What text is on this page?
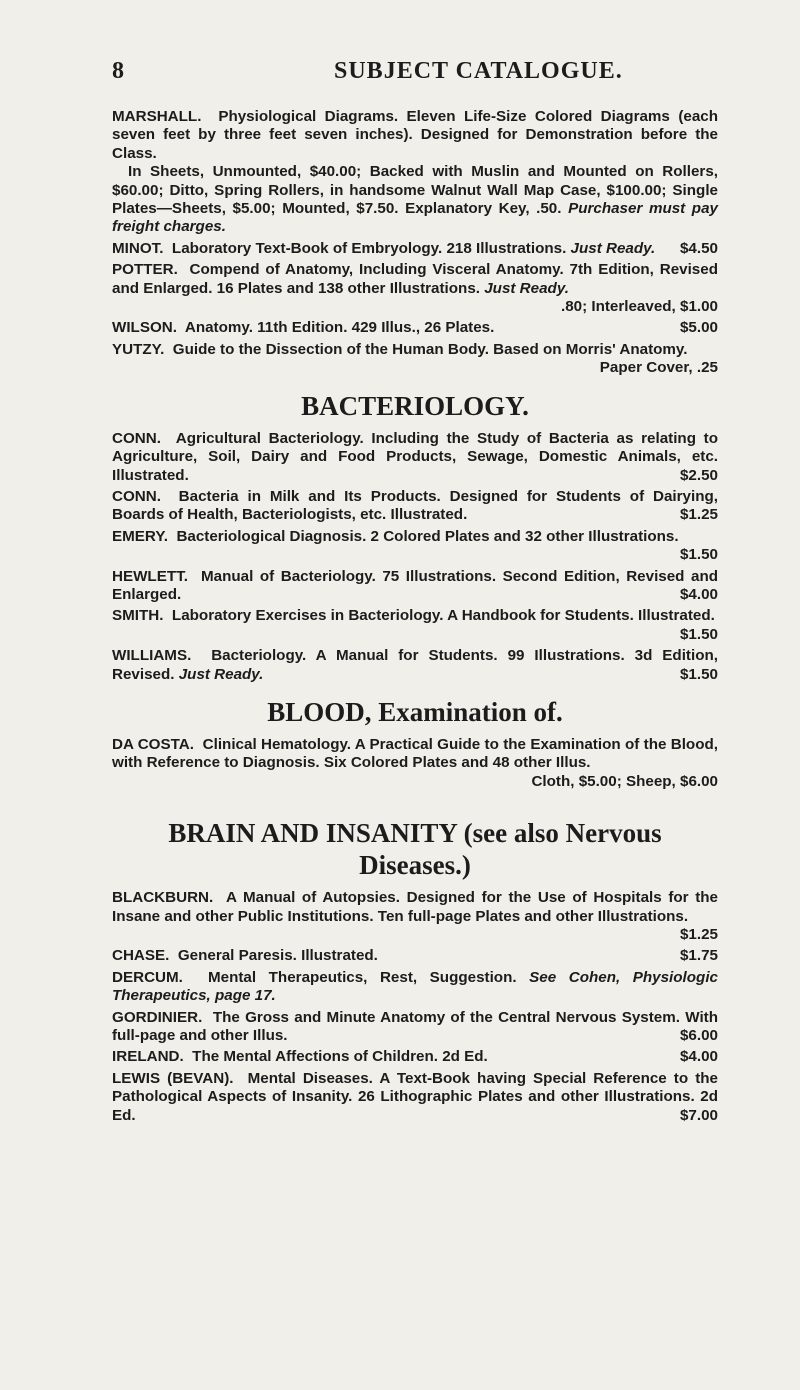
8	SUBJECT CATALOGUE.

MARSHALL. Physiological Diagrams. Eleven Life-Size Colored Diagrams (each seven feet by three feet seven inches). Designed for Demonstration before the Class.
In Sheets, Unmounted, $40.00; Backed with Muslin and Mounted on Rollers, $60.00; Ditto, Spring Rollers, in handsome Walnut Wall Map Case, $100.00; Single Plates—Sheets, $5.00; Mounted, $7.50. Explanatory Key, .50. Purchaser must pay freight charges.

MINOT. Laboratory Text-Book of Embryology. 218 Illustrations. Just Ready.	$4.50

POTTER. Compend of Anatomy, Including Visceral Anatomy. 7th Edition, Revised and Enlarged. 16 Plates and 138 other Illustrations. Just Ready.
.80; Interleaved, $1.00

WILSON. Anatomy. 11th Edition. 429 Illus., 26 Plates.	$5.00

YUTZY. Guide to the Dissection of the Human Body. Based on Morris' Anatomy.
Paper Cover, .25

BACTERIOLOGY.

CONN. Agricultural Bacteriology. Including the Study of Bacteria as relating to Agriculture, Soil, Dairy and Food Products, Sewage, Domestic Animals, etc. Illustrated.	$2.50

CONN. Bacteria in Milk and Its Products. Designed for Students of Dairying, Boards of Health, Bacteriologists, etc. Illustrated.	$1.25

EMERY. Bacteriological Diagnosis. 2 Colored Plates and 32 other Illustrations.
$1.50

HEWLETT. Manual of Bacteriology. 75 Illustrations. Second Edition, Revised and Enlarged.	$4.00

SMITH. Laboratory Exercises in Bacteriology. A Handbook for Students. Illustrated.
$1.50

WILLIAMS. Bacteriology. A Manual for Students. 99 Illustrations. 3d Edition, Revised. Just Ready.	$1.50

BLOOD, Examination of.

DA COSTA. Clinical Hematology. A Practical Guide to the Examination of the Blood, with Reference to Diagnosis. Six Colored Plates and 48 other Illus.
Cloth, $5.00; Sheep, $6.00

BRAIN AND INSANITY (see also Nervous Diseases.)

BLACKBURN. A Manual of Autopsies. Designed for the Use of Hospitals for the Insane and other Public Institutions. Ten full-page Plates and other Illustrations.
$1.25

CHASE. General Paresis. Illustrated.	$1.75

DERCUM. Mental Therapeutics, Rest, Suggestion. See Cohen, Physiologic Therapeutics, page 17.

GORDINIER. The Gross and Minute Anatomy of the Central Nervous System. With full-page and other Illus.	$6.00

IRELAND. The Mental Affections of Children. 2d Ed.	$4.00

LEWIS (BEVAN). Mental Diseases. A Text-Book having Special Reference to the Pathological Aspects of Insanity. 26 Lithographic Plates and other Illustrations. 2d Ed.	$7.00
